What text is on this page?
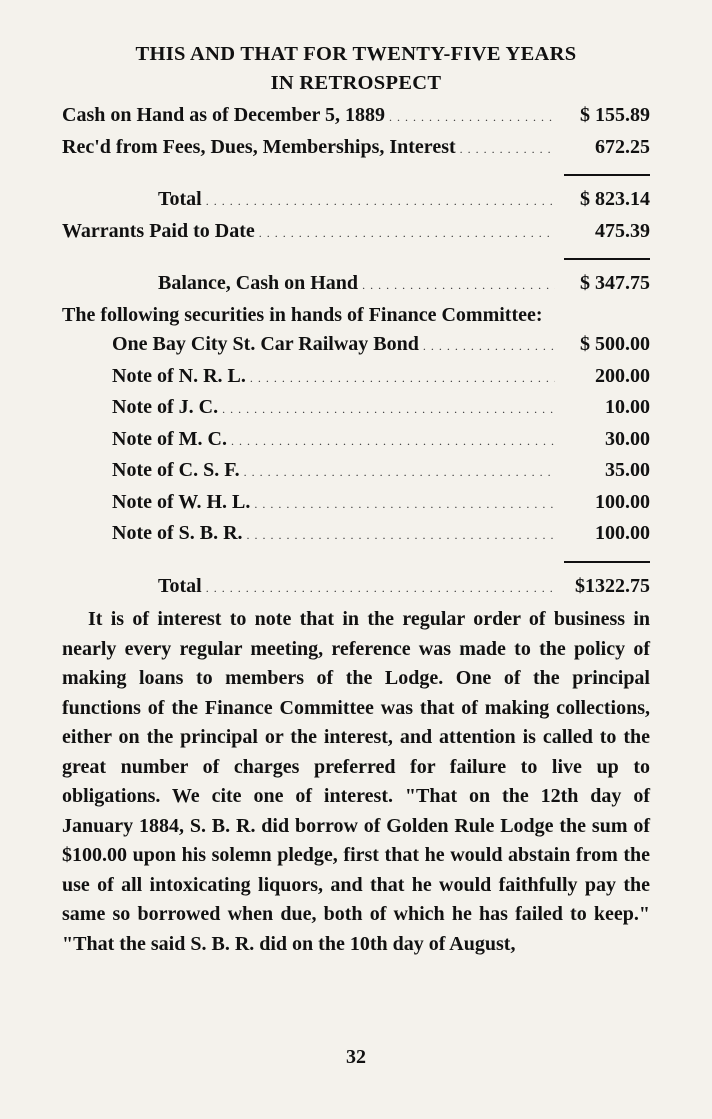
THIS AND THAT FOR TWENTY-FIVE YEARS
IN RETROSPECT
Cash on Hand as of December 5, 1889 . . .	$ 155.89
Rec'd from Fees, Dues, Memberships, Interest . . .	672.25
Total . . .	$ 823.14
Warrants Paid to Date . . .	475.39
Balance, Cash on Hand . . .	$ 347.75
The following securities in hands of Finance Committee:
One Bay City St. Car Railway Bond . . .	$ 500.00
Note of N. R. L. . . .	200.00
Note of J. C. . . .	10.00
Note of M. C. . . .	30.00
Note of C. S. F. . . .	35.00
Note of W. H. L. . . .	100.00
Note of S. B. R. . . .	100.00
Total . . .	$1322.75
It is of interest to note that in the regular order of business in nearly every regular meeting, reference was made to the policy of making loans to members of the Lodge. One of the principal functions of the Finance Committee was that of making collections, either on the principal or the interest, and attention is called to the great number of charges preferred for failure to live up to obligations. We cite one of interest. "That on the 12th day of January 1884, S. B. R. did borrow of Golden Rule Lodge the sum of $100.00 upon his solemn pledge, first that he would abstain from the use of all intoxicating liquors, and that he would faithfully pay the same so borrowed when due, both of which he has failed to keep." "That the said S. B. R. did on the 10th day of August,
32
